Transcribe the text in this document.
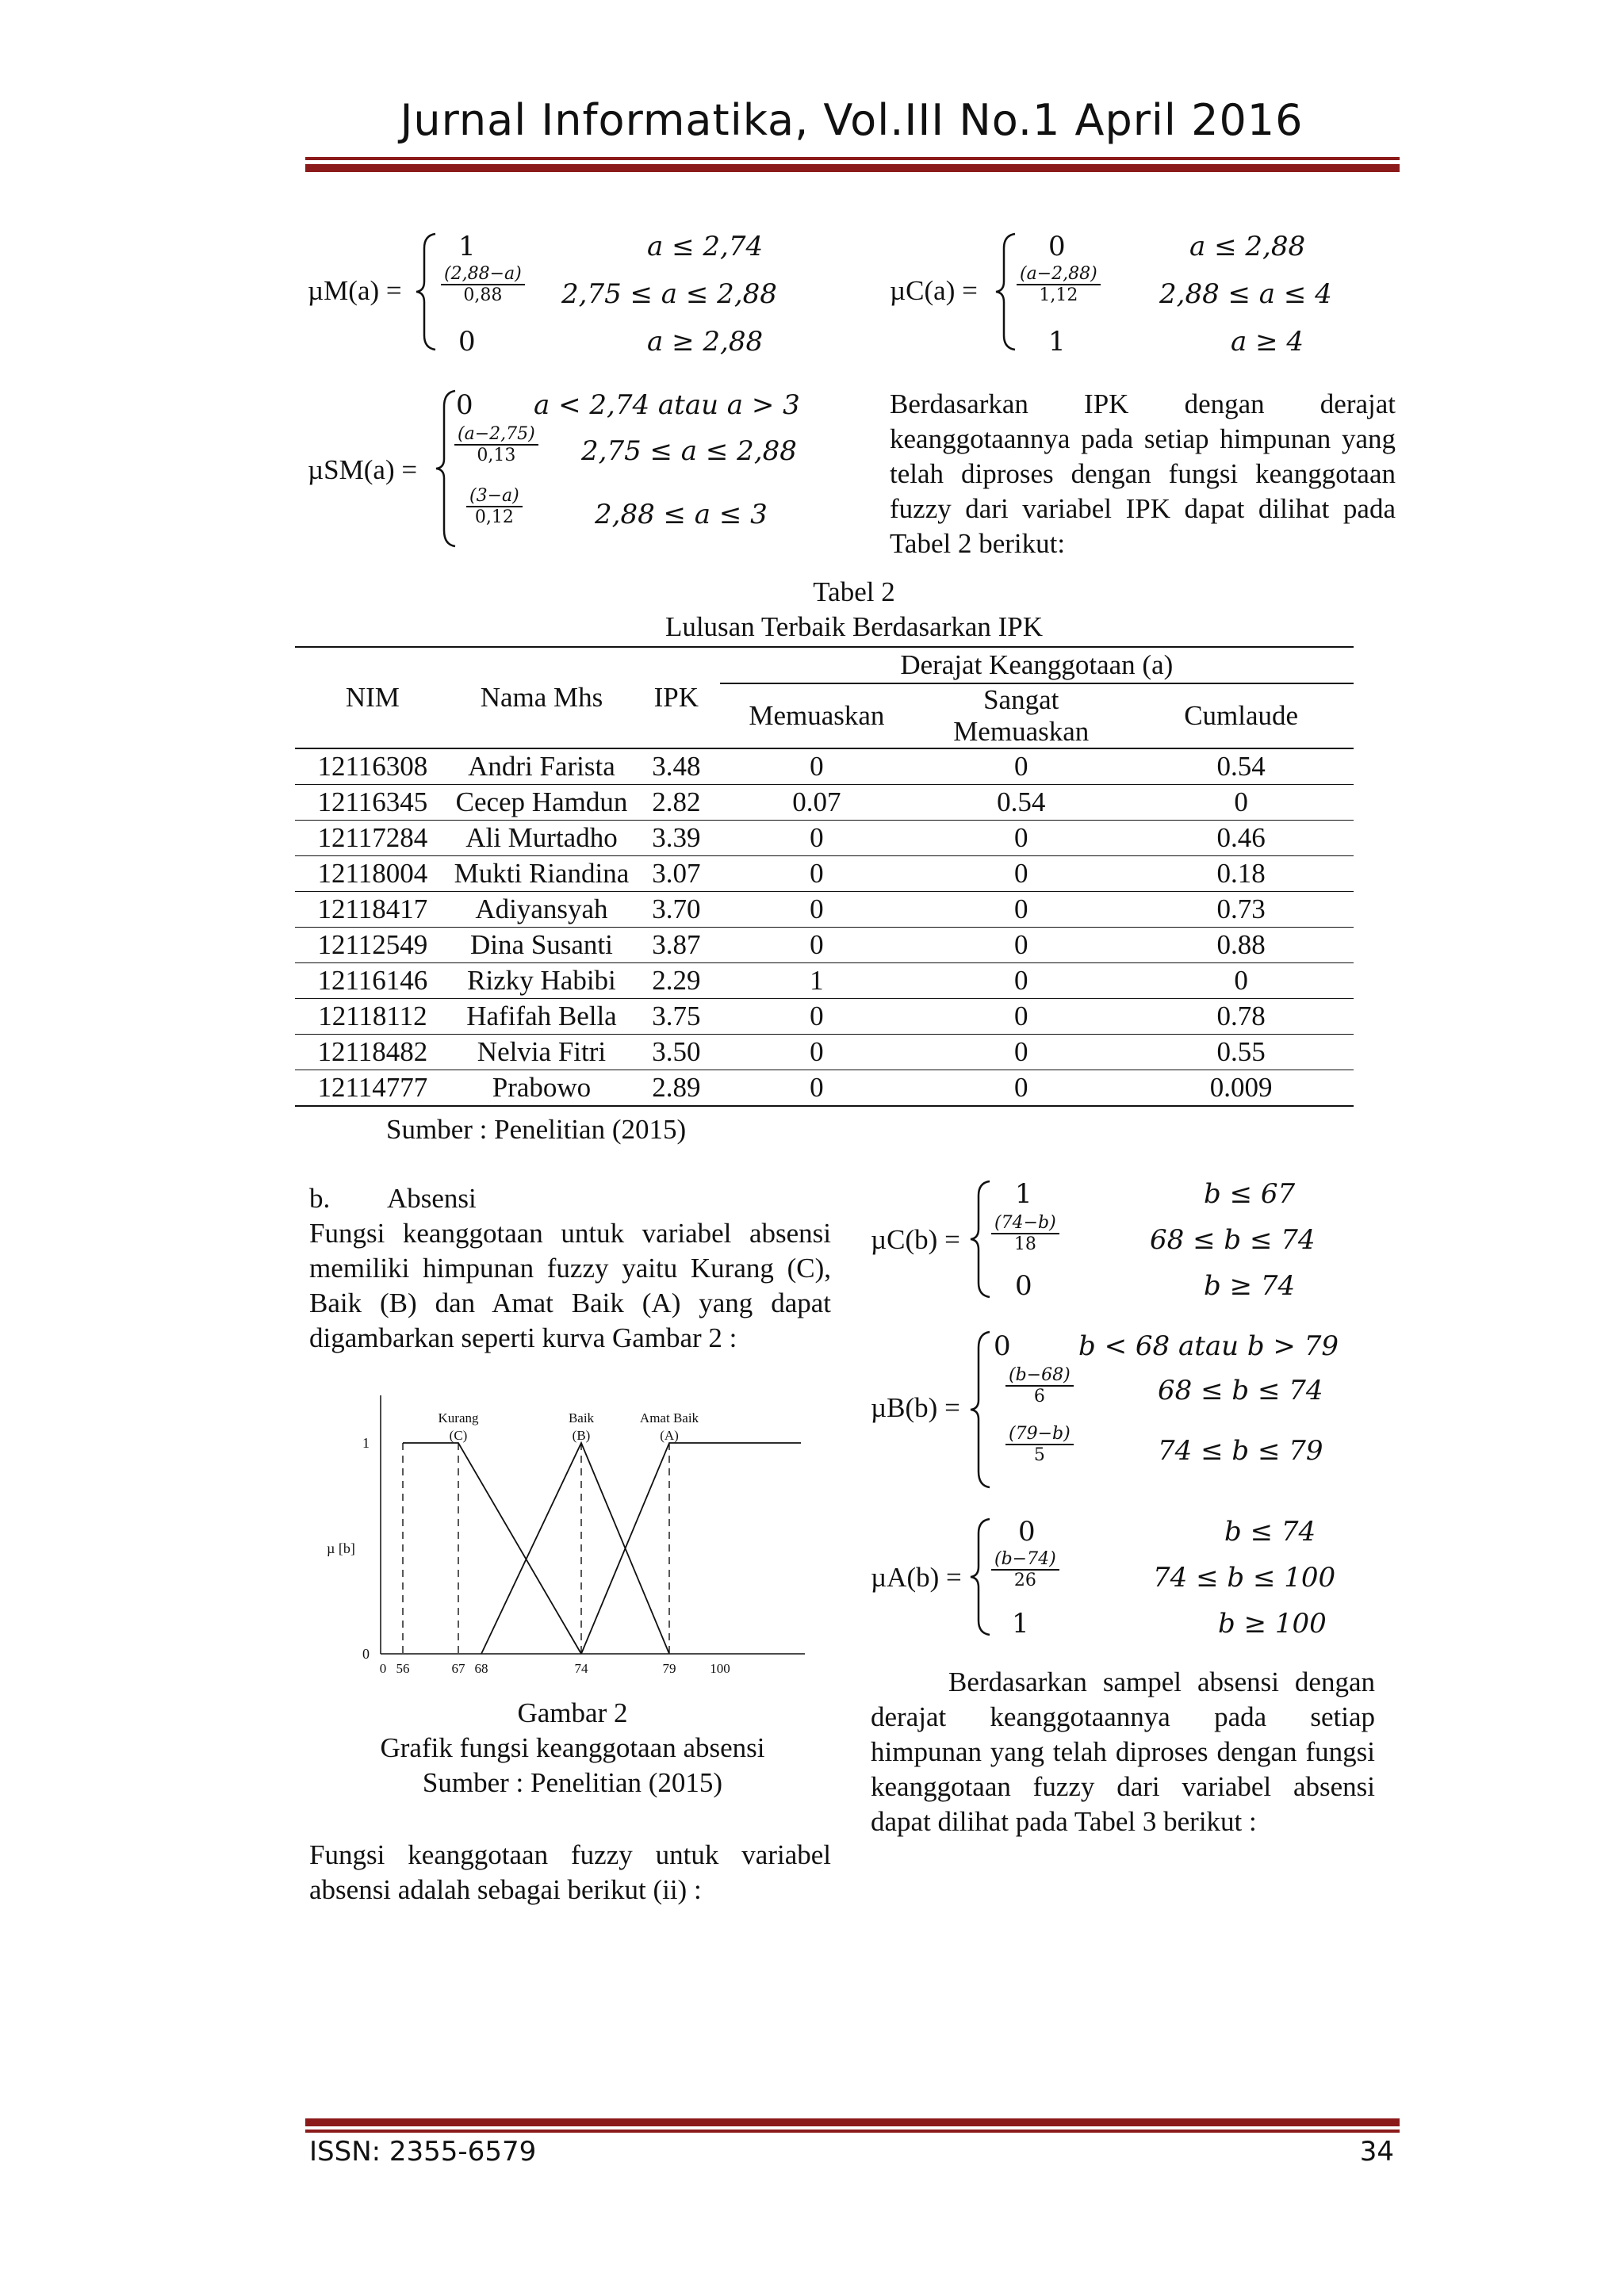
Jurnal Informatika, Vol.III No.1 April 2016
µM(a) =
1	a ≤ 2,74
$\frac{(2,88-a)}{0,88} 2,75 \le a \le 2,88$
0	a ≥ 2,88
µC(a) =
0	a ≤ 2,88
$\frac{(a-2,88)}{1,12} 2,88 \le a \le 4$
1	a ≥ 4
µSM(a) =
0 a < 2,74 atau a > 3
$\frac{(a-2,75)}{0,13} 2,75 \le a \le 2,88$
$\frac{(3-a)}{0,12}$	2,88 ≤ a ≤ 3
Berdasarkan IPK dengan derajat keanggotaannya pada setiap himpunan yang telah diproses dengan fungsi keanggotaan fuzzy dari variabel IPK dapat dilihat pada Tabel 2 berikut:
Tabel 2
Lulusan Terbaik Berdasarkan IPK
NIM	Nama Mhs	IPK	Derajat Keanggotaan (a)		
			Memuaskan	Sangat Memuaskan	Cumlaude
12116308	Andri Farista	3.48	0	0	0.54
12116345	Cecep Hamdun	2.82	0.07	0.54	0
12117284	Ali Murtadho	3.39	0	0	0.46
12118004	Mukti Riandina	3.07	0	0	0.18
12118417	Adiyansyah	3.70	0	0	0.73
12112549	Dina Susanti	3.87	0	0	0.88
12116146	Rizky Habibi	2.29	1	0	0
12118112	Hafifah Bella	3.75	0	0	0.78
12118482	Nelvia Fitri	3.50	0	0	0.55
12114777	Prabowo	2.89	0	0	0.009
Sumber : Penelitian (2015)
b. Absensi
Fungsi keanggotaan untuk variabel absensi memiliki himpunan fuzzy yaitu Kurang (C), Baik (B) dan Amat Baik (A) yang dapat digambarkan seperti kurva Gambar 2 :
0
1
µ [b]
0 56	67 68	74	79	100
Kurang
(C)
Baik
(B)
Amat Baik
(A)
Gambar 2
Grafik fungsi keanggotaan absensi
Sumber : Penelitian (2015)
Fungsi keanggotaan fuzzy untuk variabel absensi adalah sebagai berikut (ii) :
µC(b) =
1	b ≤ 67
$\frac{(74-b)}{18}$	68 ≤ b ≤ 74
0	b ≥ 74
µB(b) =
0	b < 68 atau b > 79
$\frac{(b-68)}{6}$	68 ≤ b ≤ 74
$\frac{(79-b)}{5}$	74 ≤ b ≤ 79
µA(b) =
0	b ≤ 74
$\frac{(b-74)}{26}$	74 ≤ b ≤ 100
1	b ≥ 100
Berdasarkan sampel absensi dengan derajat keanggotaannya pada setiap himpunan yang telah diproses dengan fungsi keanggotaan fuzzy dari variabel absensi dapat dilihat pada Tabel 3 berikut :
ISSN: 2355-6579	34
